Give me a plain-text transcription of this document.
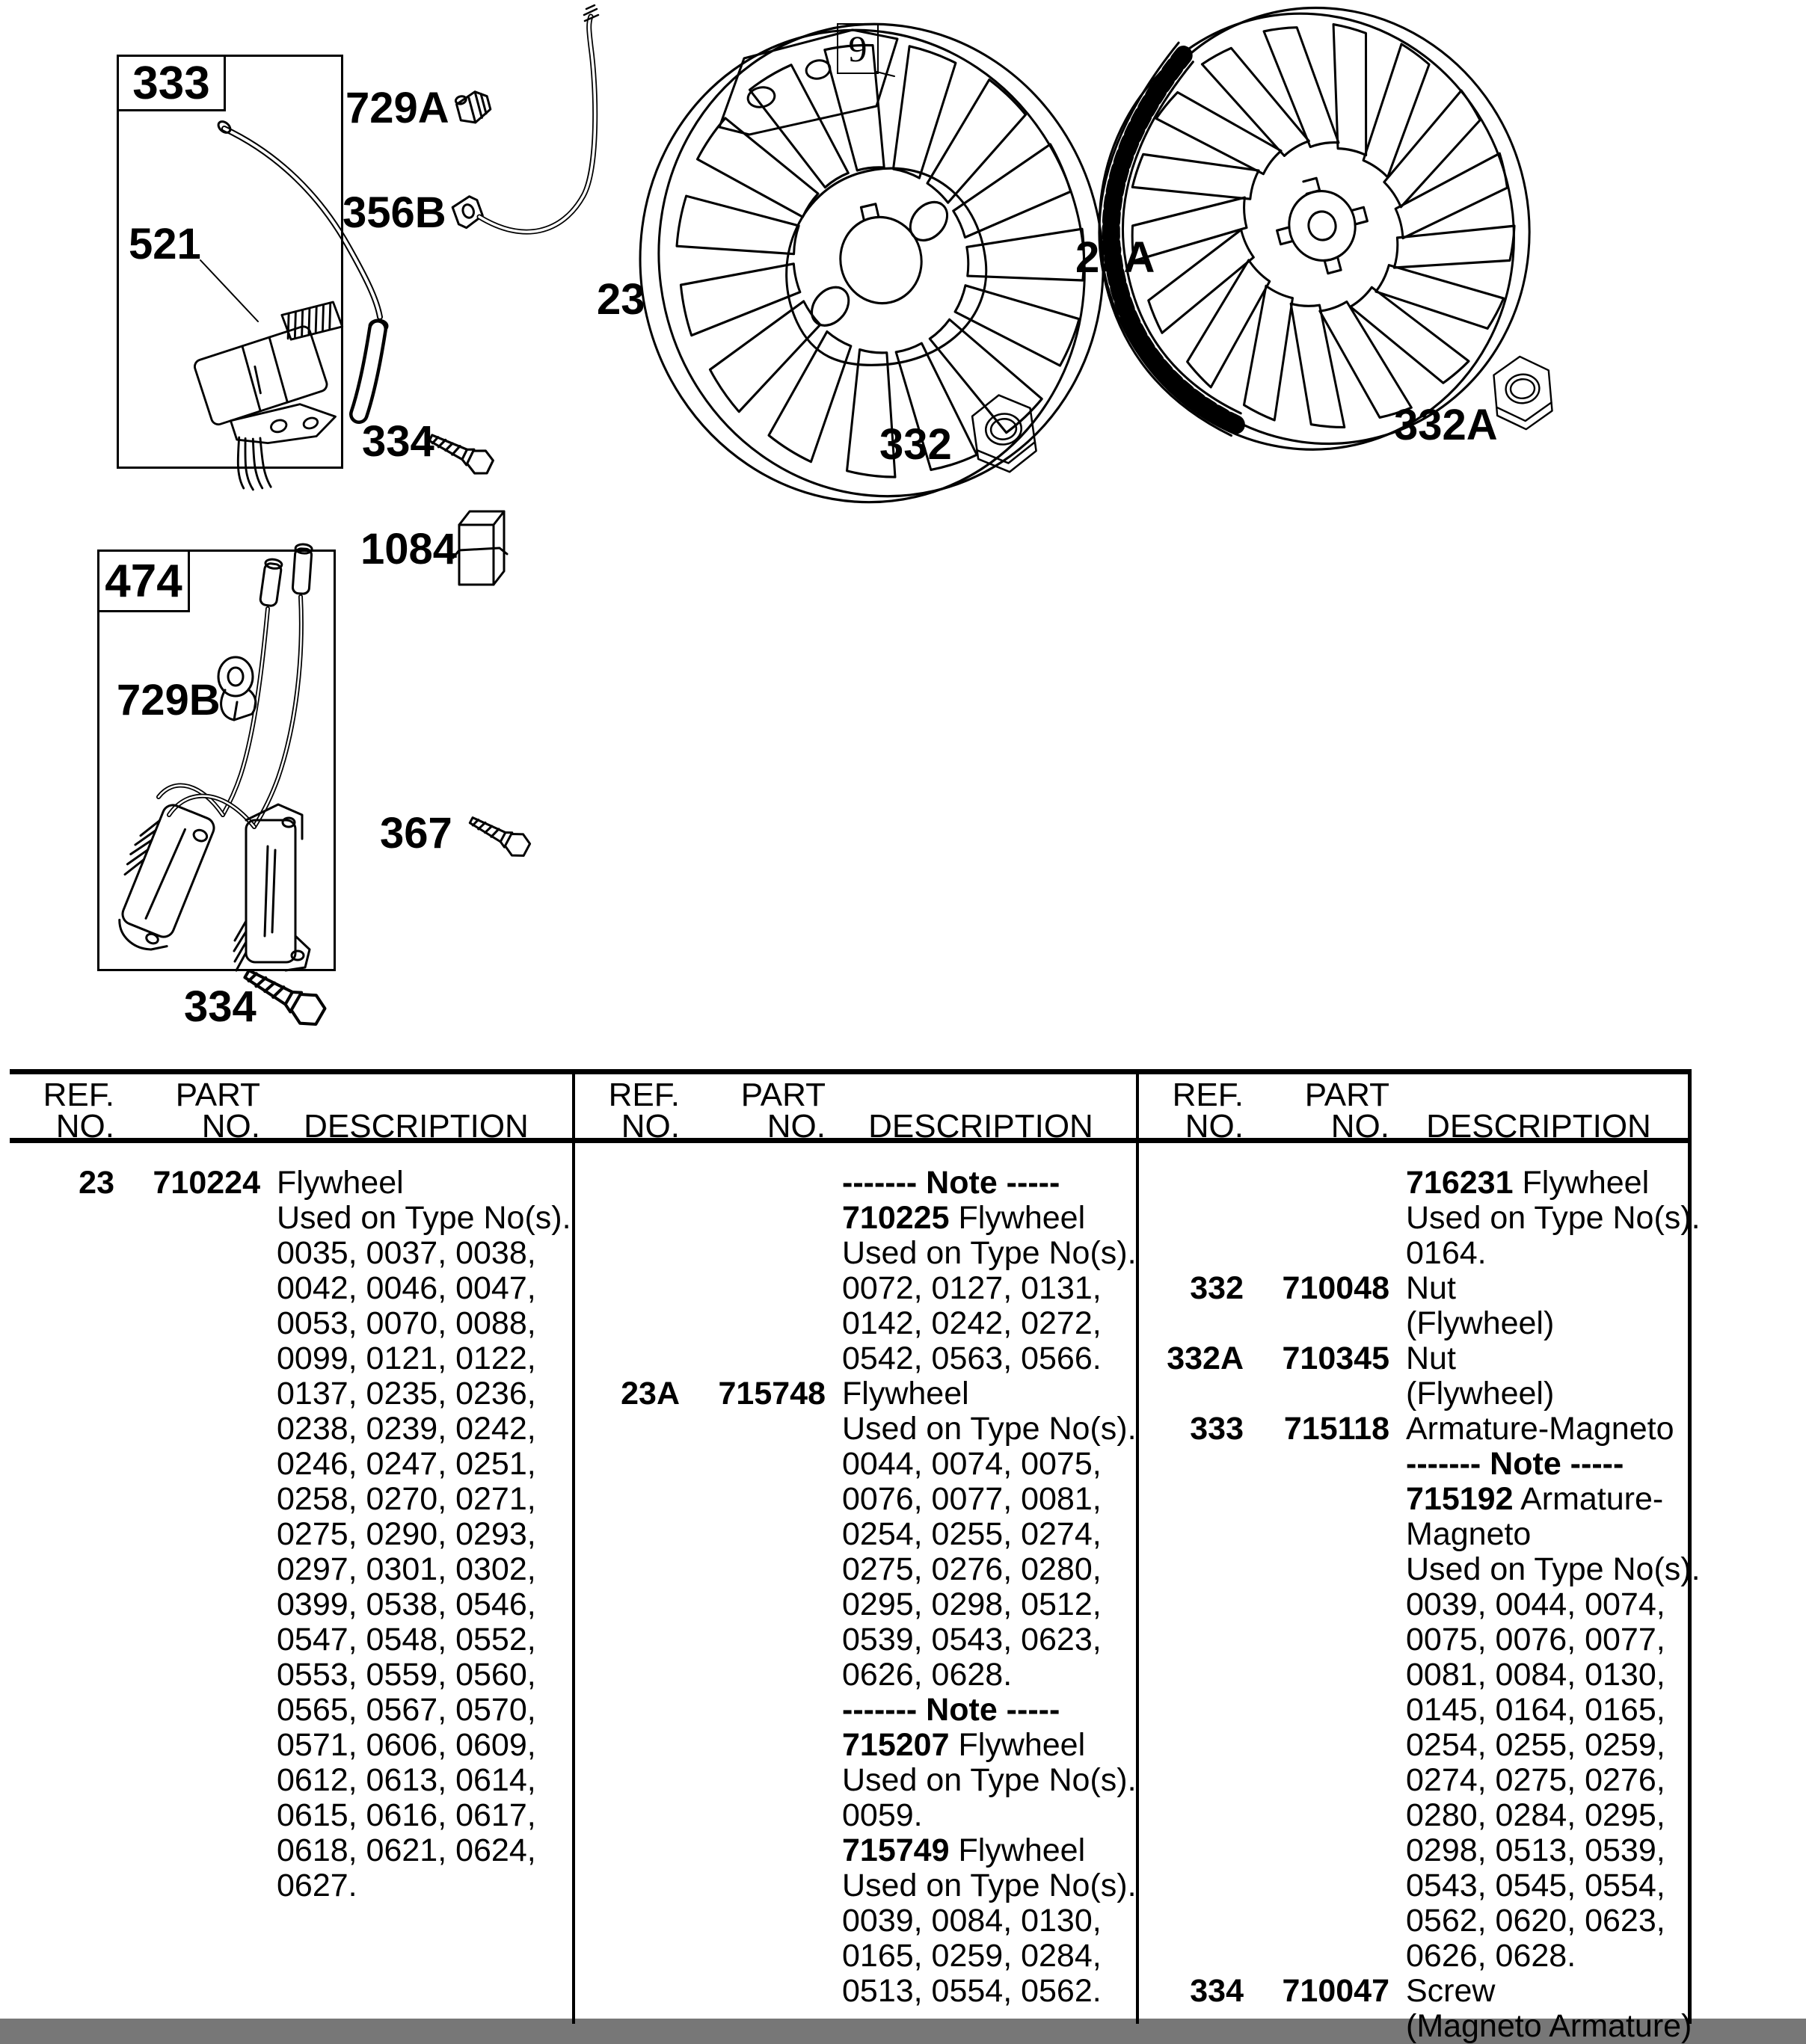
333
474
9
521
729A
356B
334
23
332
23A
332A
1084
729B
367
334
REF.	PART
NO.	NO.	DESCRIPTION
23	710224 Flywheel
Used on Type No(s).
0035, 0037, 0038,
0042, 0046, 0047,
0053, 0070, 0088,
0099, 0121, 0122,
0137, 0235, 0236,
0238, 0239, 0242,
0246, 0247, 0251,
0258, 0270, 0271,
0275, 0290, 0293,
0297, 0301, 0302,
0399, 0538, 0546,
0547, 0548, 0552,
0553, 0559, 0560,
0565, 0567, 0570,
0571, 0606, 0609,
0612, 0613, 0614,
0615, 0616, 0617,
0618, 0621, 0624,
0627.
REF.	PART
NO.	NO.	DESCRIPTION
------- Note -----
710225 Flywheel
Used on Type No(s).
0072, 0127, 0131,
0142, 0242, 0272,
0542, 0563, 0566.
23A	715748 Flywheel
Used on Type No(s).
0044, 0074, 0075,
0076, 0077, 0081,
0254, 0255, 0274,
0275, 0276, 0280,
0295, 0298, 0512,
0539, 0543, 0623,
0626, 0628.
------- Note -----
715207 Flywheel
Used on Type No(s).
0059.
715749 Flywheel
Used on Type No(s).
0039, 0084, 0130,
0165, 0259, 0284,
0513, 0554, 0562.
REF.	PART
NO.	NO.	DESCRIPTION
716231 Flywheel
Used on Type No(s).
0164.
332	710048 Nut
(Flywheel)
332A	710345 Nut
(Flywheel)
333	715118 Armature-Magneto
------- Note -----
715192 Armature-
Magneto
Used on Type No(s).
0039, 0044, 0074,
0075, 0076, 0077,
0081, 0084, 0130,
0145, 0164, 0165,
0254, 0255, 0259,
0274, 0275, 0276,
0280, 0284, 0295,
0298, 0513, 0539,
0543, 0545, 0554,
0562, 0620, 0623,
0626, 0628.
334	710047 Screw
(Magneto Armature)
